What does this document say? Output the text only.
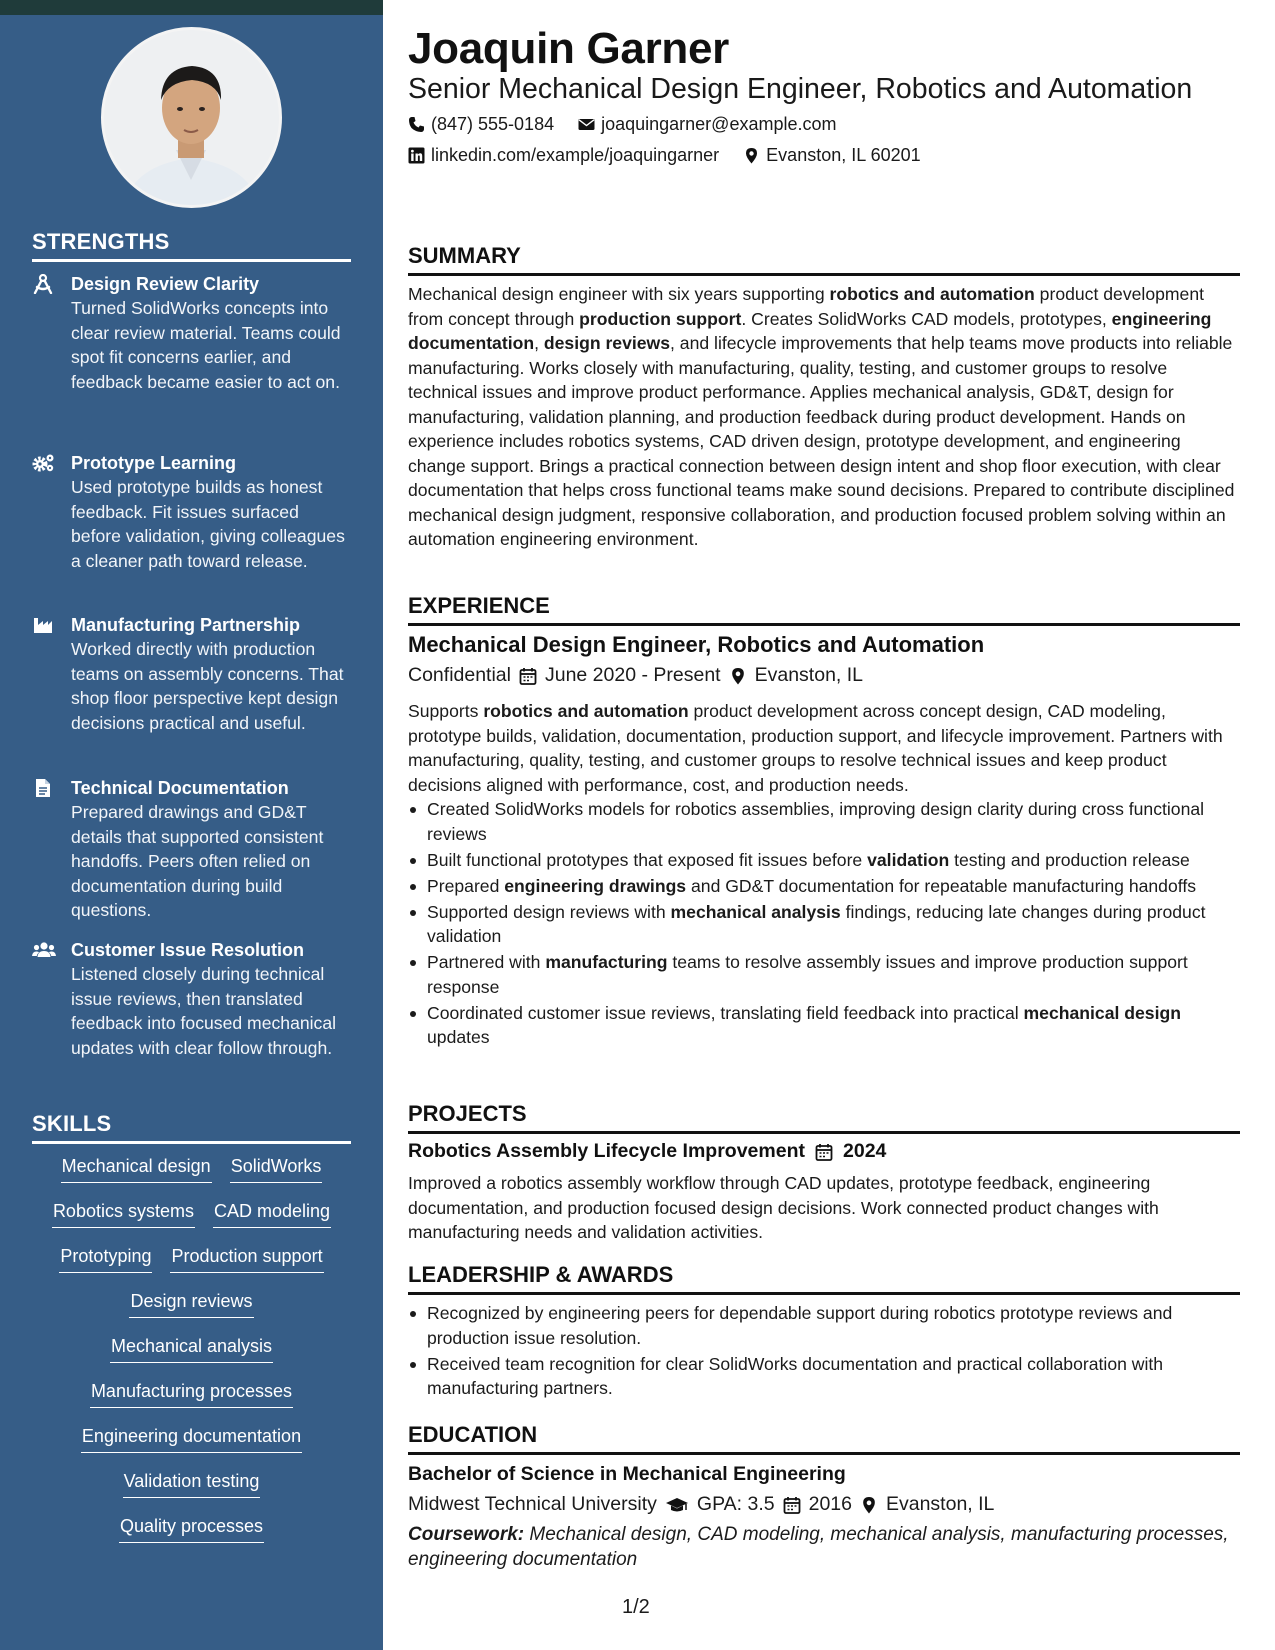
STRENGTHS
Design Review Clarity
Turned SolidWorks concepts into clear review material. Teams could spot fit concerns earlier, and feedback became easier to act on.
Prototype Learning
Used prototype builds as honest feedback. Fit issues surfaced before validation, giving colleagues a cleaner path toward release.
Manufacturing Partnership
Worked directly with production teams on assembly concerns. That shop floor perspective kept design decisions practical and useful.
Technical Documentation
Prepared drawings and GD&T details that supported consistent handoffs. Peers often relied on documentation during build questions.
Customer Issue Resolution
Listened closely during technical issue reviews, then translated feedback into focused mechanical updates with clear follow through.
SKILLS
Mechanical design SolidWorks
Robotics systems CAD modeling
Prototyping Production support
Design reviews
Mechanical analysis
Manufacturing processes
Engineering documentation
Validation testing
Quality processes
Joaquin Garner
Senior Mechanical Design Engineer, Robotics and Automation
(847) 555-0184	joaquingarner@example.com
linkedin.com/example/joaquingarner	Evanston, IL 60201
SUMMARY
Mechanical design engineer with six years supporting robotics and automation product development from concept through production support. Creates SolidWorks CAD models, prototypes, engineering documentation, design reviews, and lifecycle improvements that help teams move products into reliable manufacturing. Works closely with manufacturing, quality, testing, and customer groups to resolve technical issues and improve product performance. Applies mechanical analysis, GD&T, design for manufacturing, validation planning, and production feedback during product development. Hands on experience includes robotics systems, CAD driven design, prototype development, and engineering change support. Brings a practical connection between design intent and shop floor execution, with clear documentation that helps cross functional teams make sound decisions. Prepared to contribute disciplined mechanical design judgment, responsive collaboration, and production focused problem solving within an automation engineering environment.
EXPERIENCE
Mechanical Design Engineer, Robotics and Automation
Confidential June 2020 - Present Evanston, IL
Supports robotics and automation product development across concept design, CAD modeling, prototype builds, validation, documentation, production support, and lifecycle improvement. Partners with manufacturing, quality, testing, and customer groups to resolve technical issues and keep product decisions aligned with performance, cost, and production needs.
Created SolidWorks models for robotics assemblies, improving design clarity during cross functional reviews
Built functional prototypes that exposed fit issues before validation testing and production release
Prepared engineering drawings and GD&T documentation for repeatable manufacturing handoffs
Supported design reviews with mechanical analysis findings, reducing late changes during product validation
Partnered with manufacturing teams to resolve assembly issues and improve production support response
Coordinated customer issue reviews, translating field feedback into practical mechanical design updates
PROJECTS
Robotics Assembly Lifecycle Improvement 2024
Improved a robotics assembly workflow through CAD updates, prototype feedback, engineering documentation, and production focused design decisions. Work connected product changes with manufacturing needs and validation activities.
LEADERSHIP & AWARDS
Recognized by engineering peers for dependable support during robotics prototype reviews and production issue resolution.
Received team recognition for clear SolidWorks documentation and practical collaboration with manufacturing partners.
EDUCATION
Bachelor of Science in Mechanical Engineering
Midwest Technical University GPA: 3.5 2016 Evanston, IL
Coursework: Mechanical design, CAD modeling, mechanical analysis, manufacturing processes, engineering documentation
1/2
